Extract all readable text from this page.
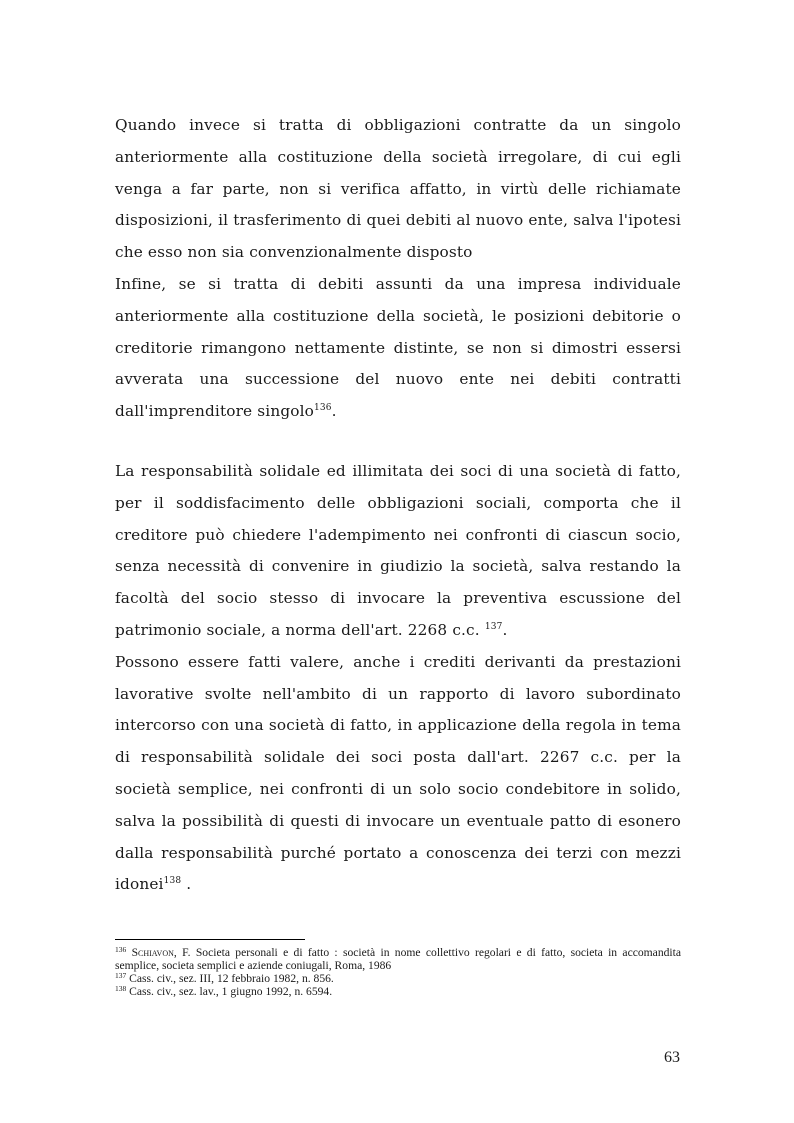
Quando invece si tratta di obbligazioni contratte da un singolo anteriormente alla costituzione della società irregolare, di cui egli venga a far parte, non si verifica affatto, in virtù delle richiamate disposizioni, il trasferimento di quei debiti al nuovo ente, salva l'ipotesi che esso non sia convenzionalmente disposto

Infine, se si tratta di debiti assunti da una impresa individuale anteriormente alla costituzione della società, le posizioni debitorie o creditorie rimangono nettamente distinte, se non si dimostri essersi avverata una successione del nuovo ente nei debiti contratti dall'imprenditore singolo$^{136}$.

La responsabilità solidale ed illimitata dei soci di una società di fatto, per il soddisfacimento delle obbligazioni sociali, comporta che il creditore può chiedere l'adempimento nei confronti di ciascun socio, senza necessità di convenire in giudizio la società, salva restando la facoltà del socio stesso di invocare la preventiva escussione del patrimonio sociale, a norma dell'art. 2268 c.c. $^{137}$.

Possono essere fatti valere, anche i crediti derivanti da prestazioni lavorative svolte nell'ambito di un rapporto di lavoro subordinato intercorso con una società di fatto, in applicazione della regola in tema di responsabilità solidale dei soci posta dall'art. 2267 c.c. per la società semplice, nei confronti di un solo socio condebitore in solido, salva la possibilità di questi di invocare un eventuale patto di esonero dalla responsabilità purché portato a conoscenza dei terzi con mezzi idonei$^{138}$ .

$^{136}$ Schiavon, F. Societa personali e di fatto : società in nome collettivo regolari e di fatto, societa in accomandita semplice, societa semplici e aziende coniugali, Roma, 1986

$^{137}$ Cass. civ., sez. III, 12 febbraio 1982, n. 856.

$^{138}$ Cass. civ., sez. lav., 1 giugno 1992, n. 6594.

63
